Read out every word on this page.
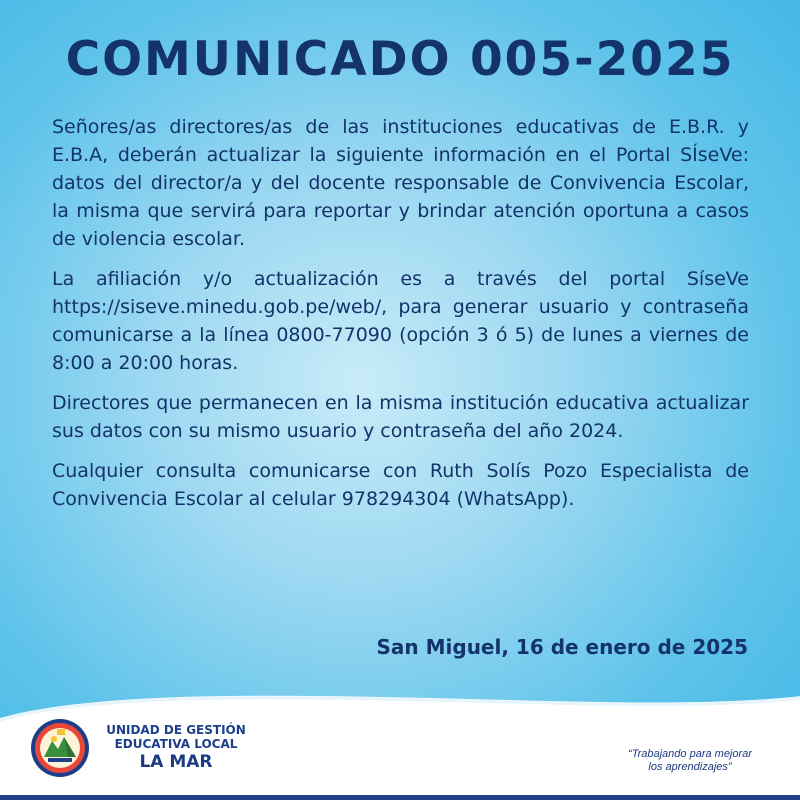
COMUNICADO 005-2025

Señores/as directores/as de las instituciones educativas de E.B.R. y E.B.A, deberán actualizar la siguiente información en el Portal SÍseVe: datos del director/a y del docente responsable de Convivencia Escolar, la misma que servirá para reportar y brindar atención oportuna a casos de violencia escolar.

La afiliación y/o actualización es a través del portal SíseVe https://siseve.minedu.gob.pe/web/, para generar usuario y contraseña comunicarse a la línea 0800-77090 (opción 3 ó 5) de lunes a viernes de 8:00 a 20:00 horas.

Directores que permanecen en la misma institución educativa actualizar sus datos con su mismo usuario y contraseña del año 2024.

Cualquier consulta comunicarse con Ruth Solís Pozo Especialista de Convivencia Escolar al celular 978294304 (WhatsApp).

San Miguel, 16 de enero de 2025
UNIDAD DE GESTIÓN
EDUCATIVA LOCAL
LA MAR	“Trabajando para mejorar
los aprendizajes”
